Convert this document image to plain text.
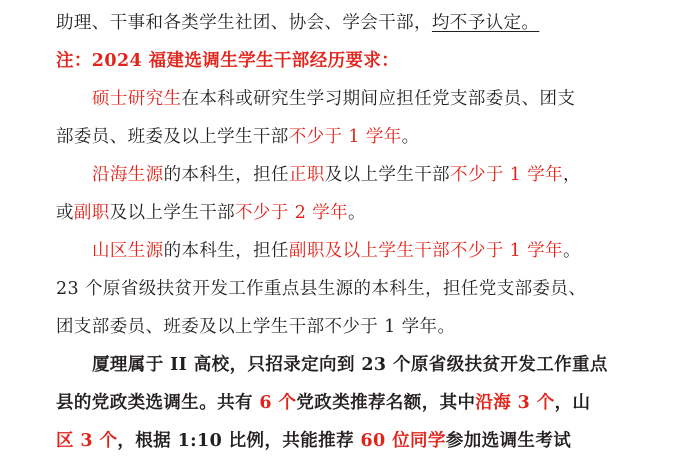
助理、干事和各类学生社团、协会、学会干部，均不予认定。
注：2024 福建选调生学生干部经历要求：
硕士研究生在本科或研究生学习期间应担任党支部委员、团支
部委员、班委及以上学生干部不少于 1 学年。
沿海生源的本科生，担任正职及以上学生干部不少于 1 学年，
或副职及以上学生干部不少于 2 学年。
山区生源的本科生，担任副职及以上学生干部不少于 1 学年。
23 个原省级扶贫开发工作重点县生源的本科生，担任党支部委员、
团支部委员、班委及以上学生干部不少于 1 学年。
厦理属于 II 高校，只招录定向到 23 个原省级扶贫开发工作重点
县的党政类选调生。共有 6 个党政类推荐名额，其中沿海 3 个，山
区 3 个，根据 1:10 比例，共能推荐 60 位同学参加选调生考试
